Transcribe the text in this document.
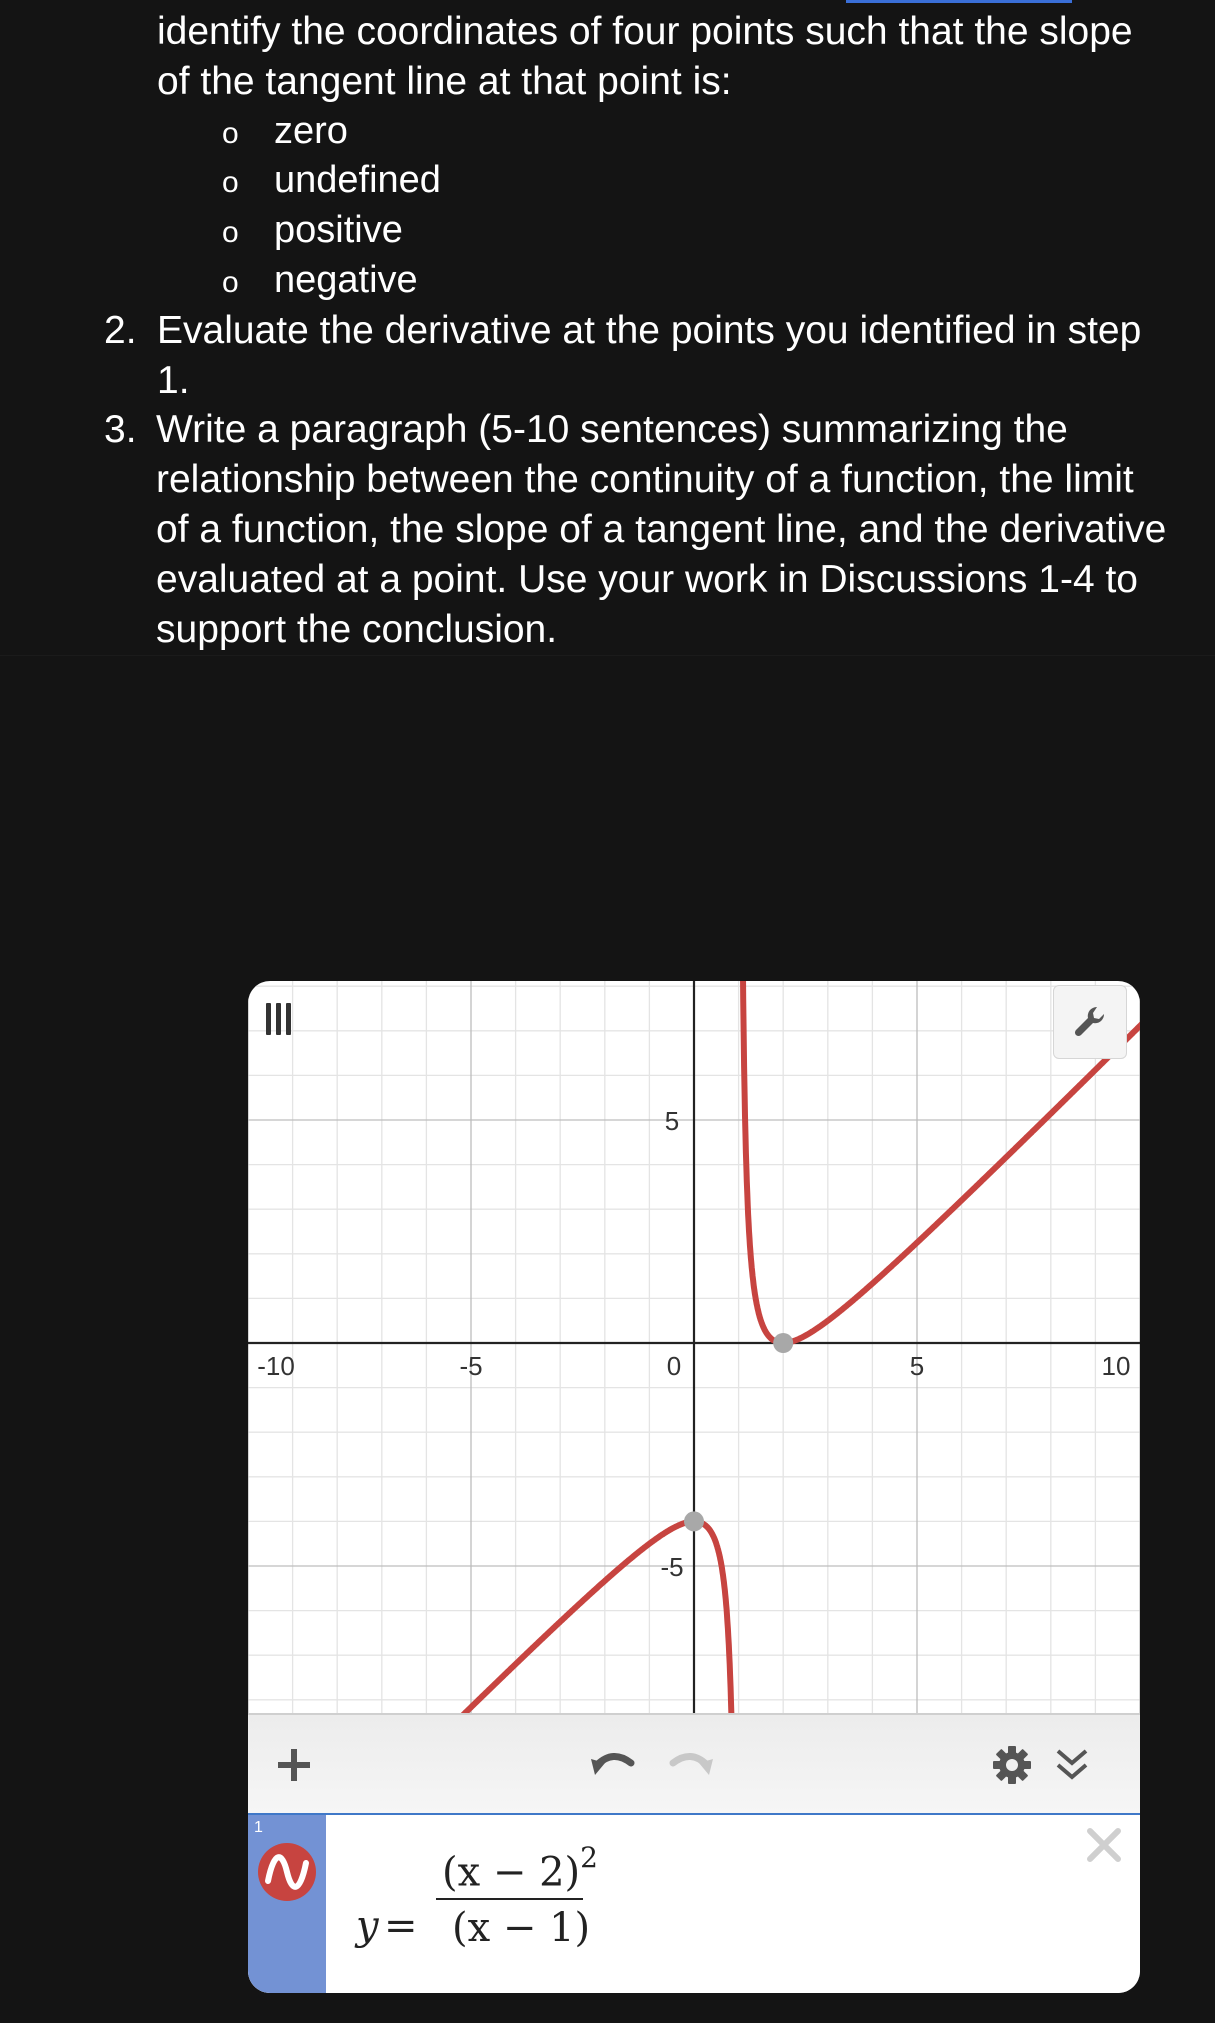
identify the coordinates of four points such that the slope
of the tangent line at that point is:
o zero
o undefined
o positive
o negative
2. Evaluate the derivative at the points you identified in step
1.
3. Write a paragraph (5-10 sentences) summarizing the
relationship between the continuity of a function, the limit
of a function, the slope of a tangent line, and the derivative
evaluated at a point. Use your work in Discussions 1-4 to
support the conclusion.
-10	-5	0	5	10
-5
5
1
y =
$(x - 2)^2$
(x − 1)
